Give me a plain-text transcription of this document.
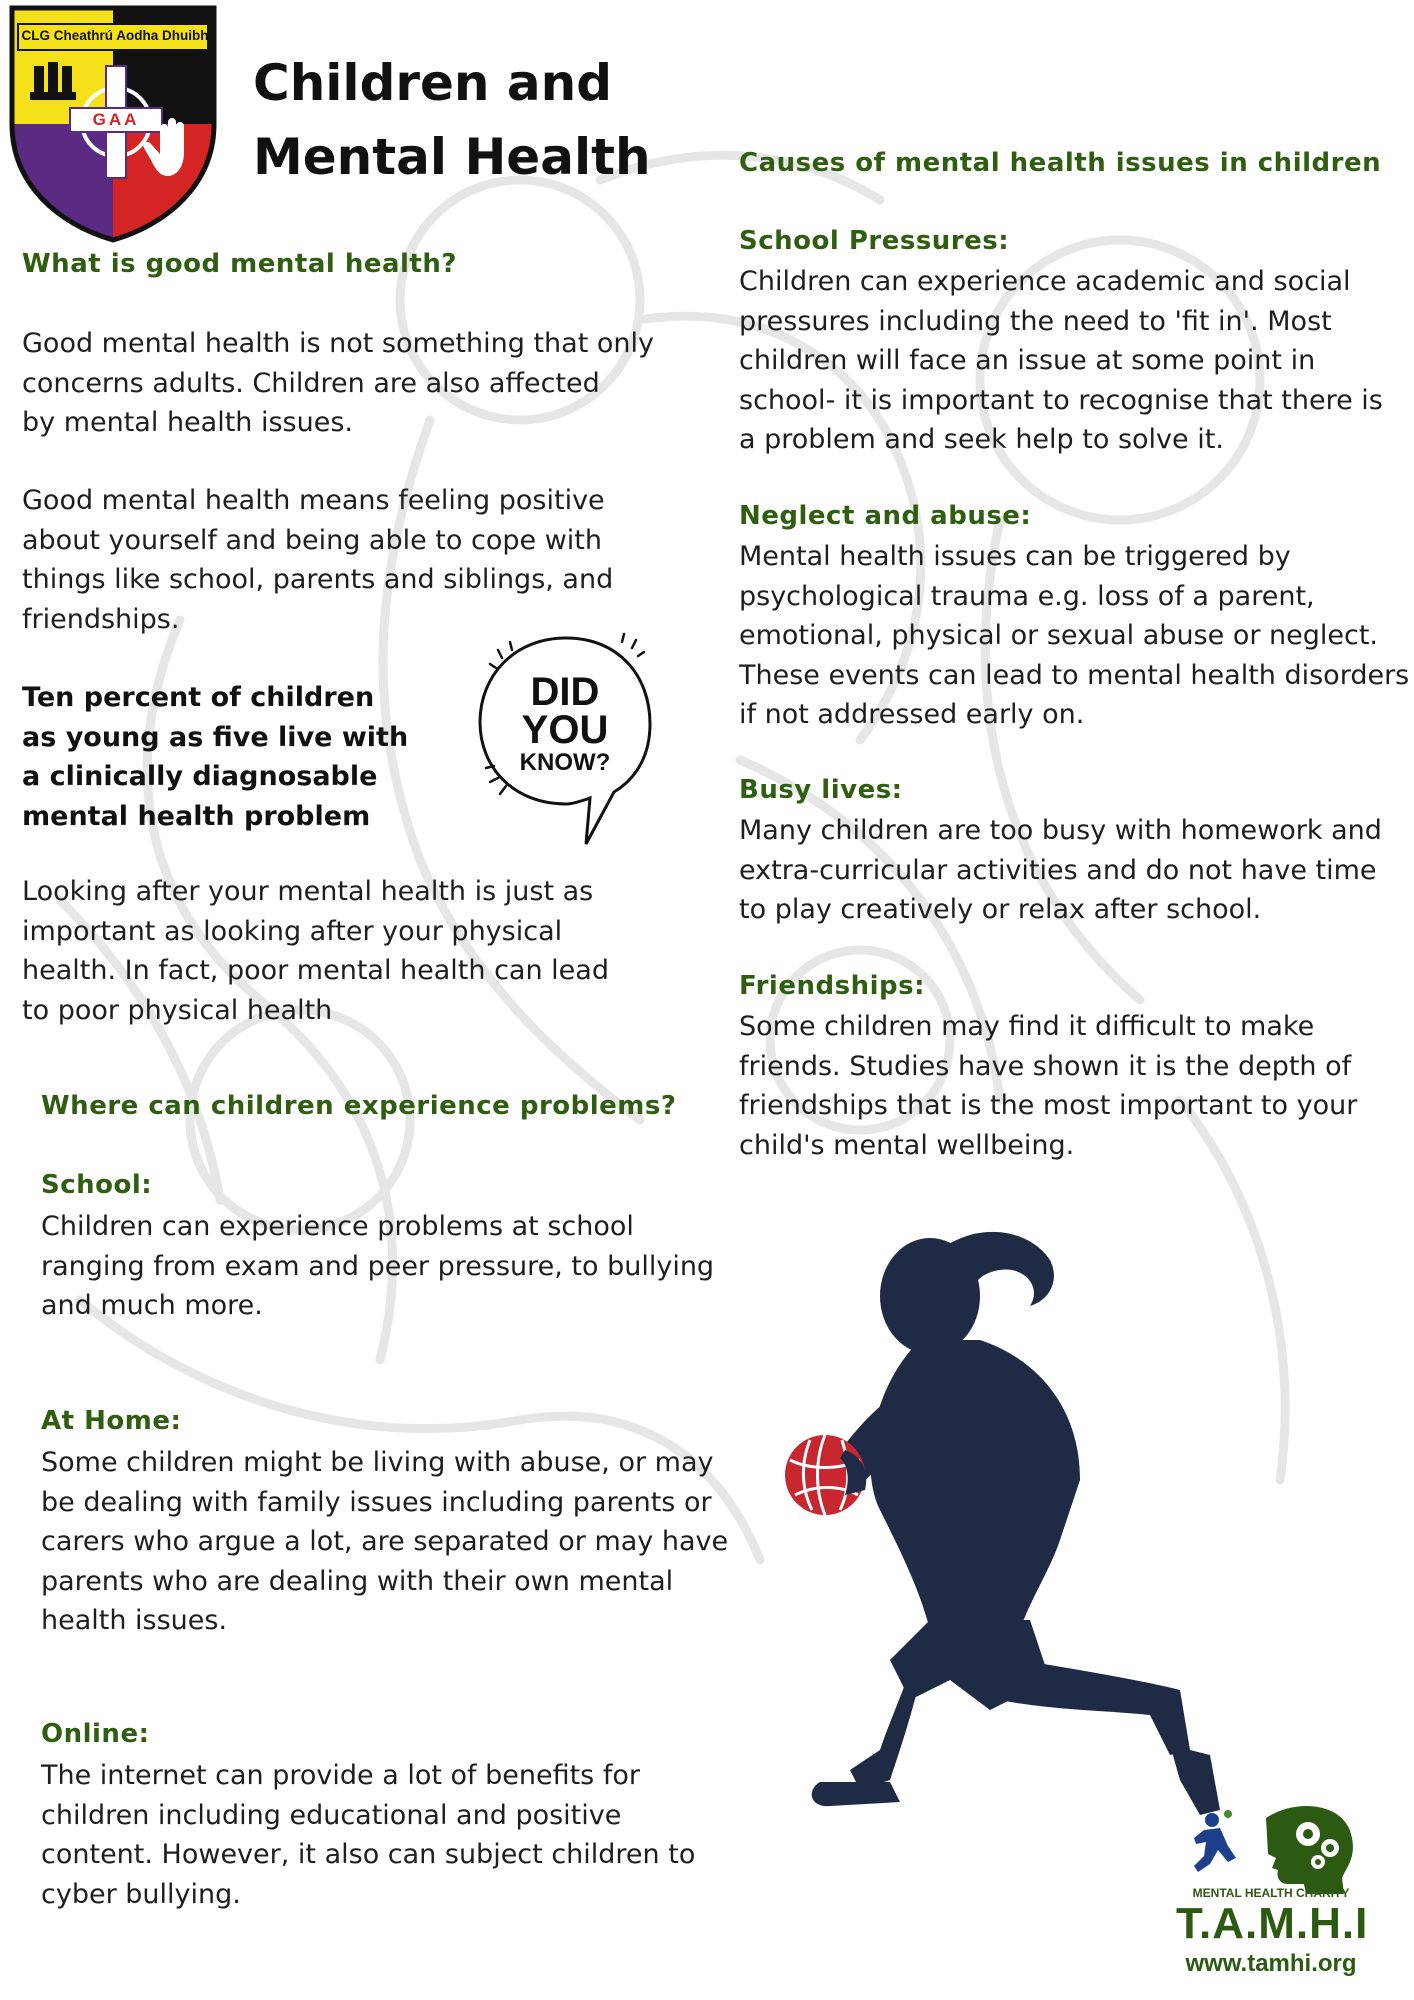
CLG Cheathrú Aodha Dhuibh
GAA
Children and
Mental Health
What is good mental health?
Good mental health is not something that only
concerns adults. Children are also affected
by mental health issues.
Good mental health means feeling positive
about yourself and being able to cope with
things like school, parents and siblings, and
friendships.
Ten percent of children
as young as five live with
a clinically diagnosable
mental health problem
DID
YOU
KNOW?
Looking after your mental health is just as
important as looking after your physical
health. In fact, poor mental health can lead
to poor physical health
Where can children experience problems?
School:
Children can experience problems at school
ranging from exam and peer pressure, to bullying
and much more.
At Home:
Some children might be living with abuse, or may
be dealing with family issues including parents or
carers who argue a lot, are separated or may have
parents who are dealing with their own mental
health issues.
Online:
The internet can provide a lot of benefits for
children including educational and positive
content. However, it also can subject children to
cyber bullying.
Causes of mental health issues in children
School Pressures:
Children can experience academic and social
pressures including the need to 'fit in'. Most
children will face an issue at some point in
school- it is important to recognise that there is
a problem and seek help to solve it.
Neglect and abuse:
Mental health issues can be triggered by
psychological trauma e.g. loss of a parent,
emotional, physical or sexual abuse or neglect.
These events can lead to mental health disorders
if not addressed early on.
Busy lives:
Many children are too busy with homework and
extra-curricular activities and do not have time
to play creatively or relax after school.
Friendships:
Some children may find it difficult to make
friends. Studies have shown it is the depth of
friendships that is the most important to your
child's mental wellbeing.
MENTAL HEALTH CHARITY
T.A.M.H.I
www.tamhi.org
